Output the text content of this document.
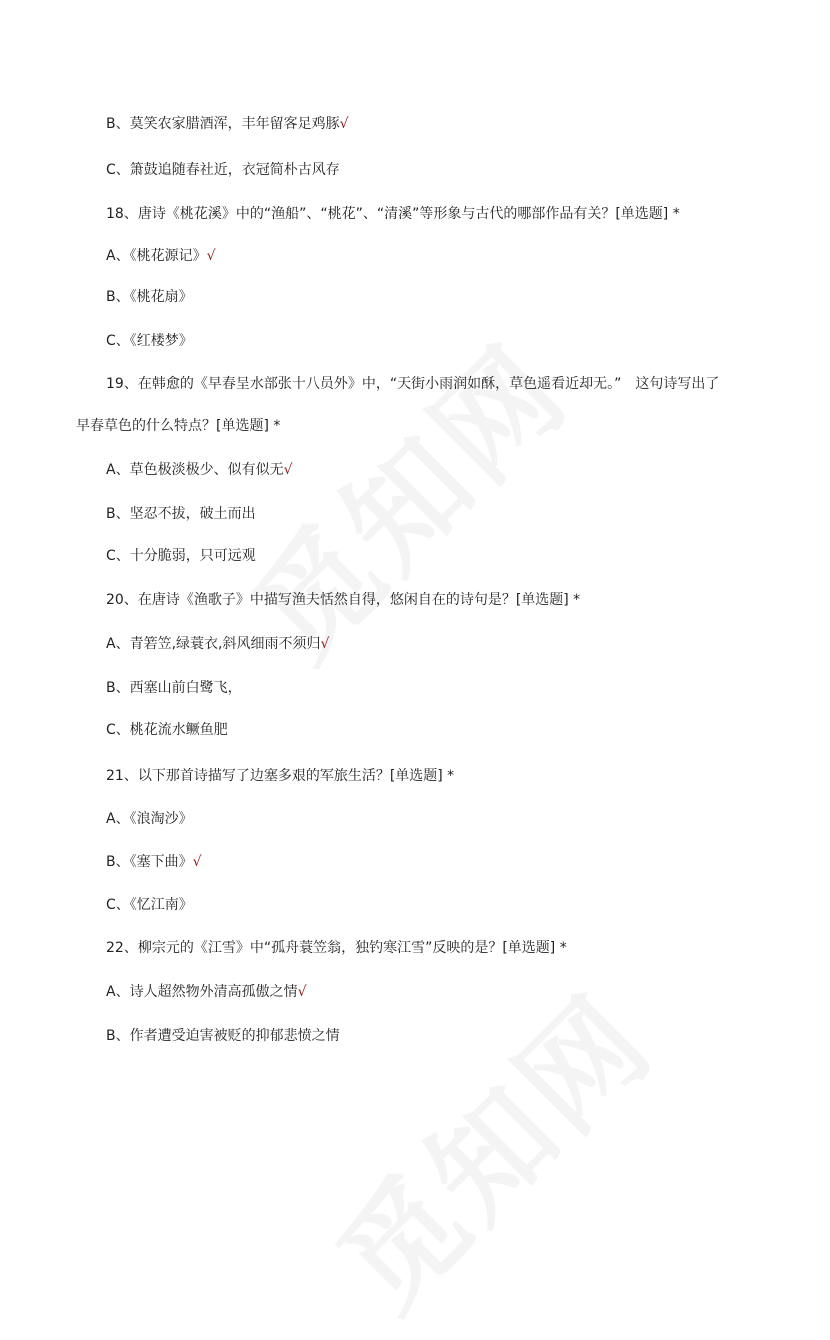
B、莫笑农家腊酒浑，丰年留客足鸡豚√
C、箫鼓追随春社近，衣冠简朴古风存
18、唐诗《桃花溪》中的“渔船”、“桃花”、“清溪”等形象与古代的哪部作品有关？[单选题] *
A、《桃花源记》√
B、《桃花扇》
C、《红楼梦》
19、在韩愈的《早春呈水部张十八员外》中，“天街小雨润如酥，草色遥看近却无。”　这句诗写出了
早春草色的什么特点？[单选题] *
A、草色极淡极少、似有似无√
B、坚忍不拔，破土而出
C、十分脆弱，只可远观
20、在唐诗《渔歌子》中描写渔夫恬然自得，悠闲自在的诗句是？[单选题] *
A、青箬笠,绿蓑衣,斜风细雨不须归√
B、西塞山前白鹭飞，
C、桃花流水鳜鱼肥
21、以下那首诗描写了边塞多艰的军旅生活？[单选题] *
A、《浪淘沙》
B、《塞下曲》√
C、《忆江南》
22、柳宗元的《江雪》中“孤舟蓑笠翁，独钓寒江雪”反映的是？[单选题] *
A、诗人超然物外清高孤傲之情√
B、作者遭受迫害被贬的抑郁悲愤之情
